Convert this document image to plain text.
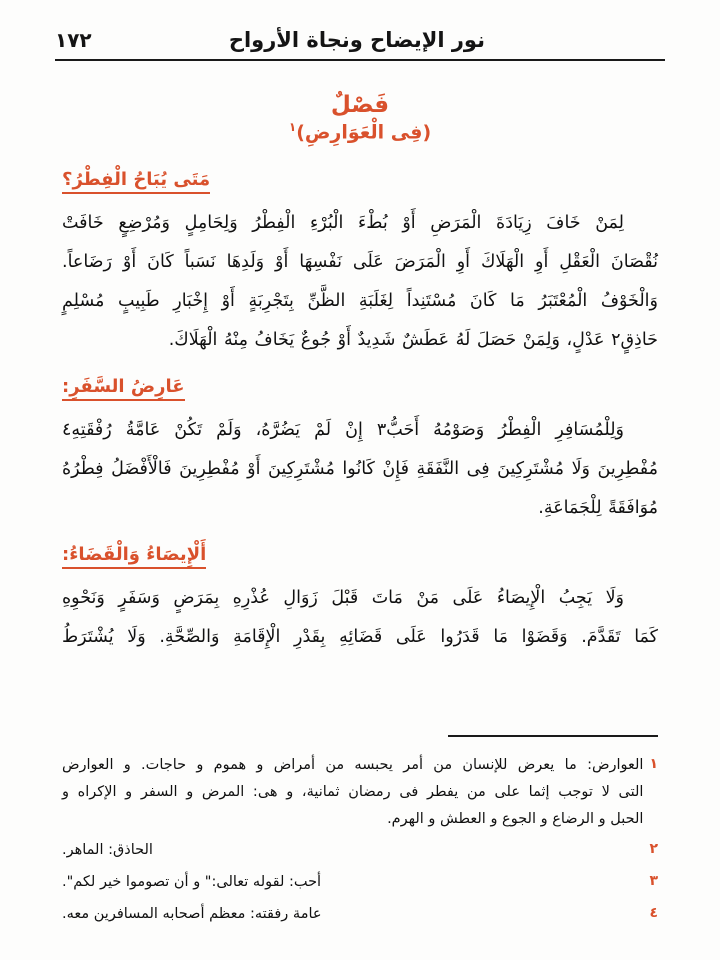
نور الإيضاح ونجاة الأرواح
١٧٢
فَصْلٌ
(فِى الْعَوَارِضِ)$^١$
مَتَى يُبَاحُ الْفِطْرُ؟
لِمَنْ خَافَ زِيَادَةَ الْمَرَضِ أَوْ بُطْءَ الْبُرْءِ الْفِطْرُ وَلِحَامِلٍ وَمُرْضِعٍ خَافَتْ
نُقْصَانَ الْعَقْلِ أَوِ الْهَلَاكَ أَوِ الْمَرَضَ عَلَى نَفْسِهَا أَوْ وَلَدِهَا نَسَباً كَانَ أَوْ رَضَاعاً.
وَالْخَوْفُ الْمُعْتَبَرُ مَا كَانَ مُسْتَنِداً لِغَلَبَةِ الظَّنِّ بِتَجْرِبَةٍ أَوْ إِخْبَارِ طَبِيبٍ مُسْلِمٍ
حَاذِقٍ٢ عَدْلٍ، وَلِمَنْ حَصَلَ لَهُ عَطَشٌ شَدِيدٌ أَوْ جُوعٌ يَخَافُ مِنْهُ الْهَلَاكَ.
عَارِضُ السَّفَرِ:
وَلِلْمُسَافِرِ الْفِطْرُ وَصَوْمُهُ أَحَبُّ٣ إِنْ لَمْ يَضُرَّهُ، وَلَمْ تَكُنْ عَامَّةُ رُفْقَتِهِ٤
مُفْطِرِينَ وَلَا مُشْتَرِكِينَ فِى النَّفَقَةِ فَإِنْ كَانُوا مُشْتَرِكِينَ أَوْ مُفْطِرِينَ فَالْأَفْضَلُ فِطْرُهُ
مُوَافَقَةً لِلْجَمَاعَةِ.
أَلْإِيصَاءُ وَالْقَضَاءُ:
وَلَا يَجِبُ الْإِيصَاءُ عَلَى مَنْ مَاتَ قَبْلَ زَوَالِ عُذْرِهِ بِمَرَضٍ وَسَفَرٍ وَنَحْوِهِ
كَمَا تَقَدَّمَ. وَقَضَوْا مَا قَدَرُوا عَلَى قَضَائِهِ بِقَدْرِ الْإِقَامَةِ وَالصِّحَّةِ. وَلَا يُشْتَرَطُ
١
العوارض: ما يعرض للإنسان من أمر يحبسه من أمراض و هموم و حاجات. و العوارض
التى لا توجب إثما على من يفطر فى رمضان ثمانية، و هى: المرض و السفر و الإكراه و
الحبل و الرضاع و الجوع و العطش و الهرم.
٢
الحاذق: الماهر.
٣
أحب: لقوله تعالى:" و أن تصوموا خير لكم".
٤
عامة رفقته: معظم أصحابه المسافرين معه.
